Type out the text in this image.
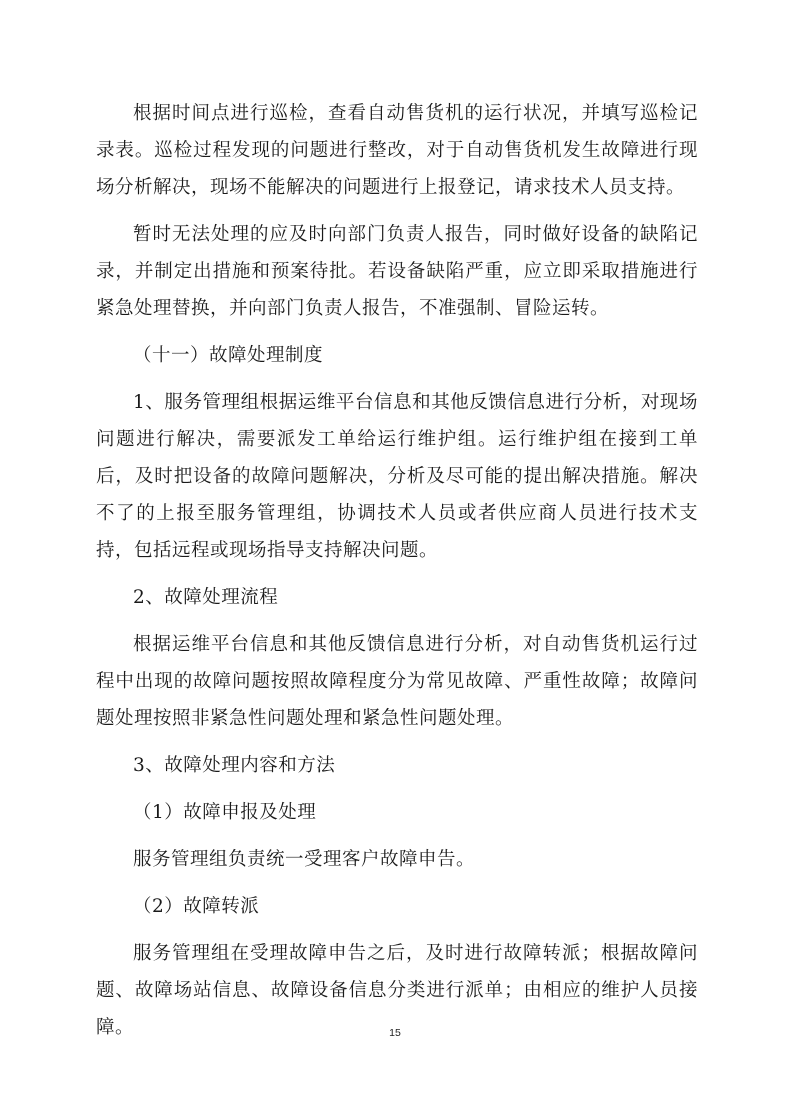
根据时间点进行巡检，查看自动售货机的运行状况，并填写巡检记录表。巡检过程发现的问题进行整改，对于自动售货机发生故障进行现场分析解决，现场不能解决的问题进行上报登记，请求技术人员支持。

暂时无法处理的应及时向部门负责人报告，同时做好设备的缺陷记录，并制定出措施和预案待批。若设备缺陷严重，应立即采取措施进行紧急处理替换，并向部门负责人报告，不准强制、冒险运转。

（十一）故障处理制度

1、服务管理组根据运维平台信息和其他反馈信息进行分析，对现场问题进行解决，需要派发工单给运行维护组。运行维护组在接到工单后，及时把设备的故障问题解决，分析及尽可能的提出解决措施。解决不了的上报至服务管理组，协调技术人员或者供应商人员进行技术支持，包括远程或现场指导支持解决问题。

2、故障处理流程

根据运维平台信息和其他反馈信息进行分析，对自动售货机运行过程中出现的故障问题按照故障程度分为常见故障、严重性故障；故障问题处理按照非紧急性问题处理和紧急性问题处理。

3、故障处理内容和方法

（1）故障申报及处理

服务管理组负责统一受理客户故障申告。

（2）故障转派

服务管理组在受理故障申告之后，及时进行故障转派；根据故障问题、故障场站信息、故障设备信息分类进行派单；由相应的维护人员接障。	15
